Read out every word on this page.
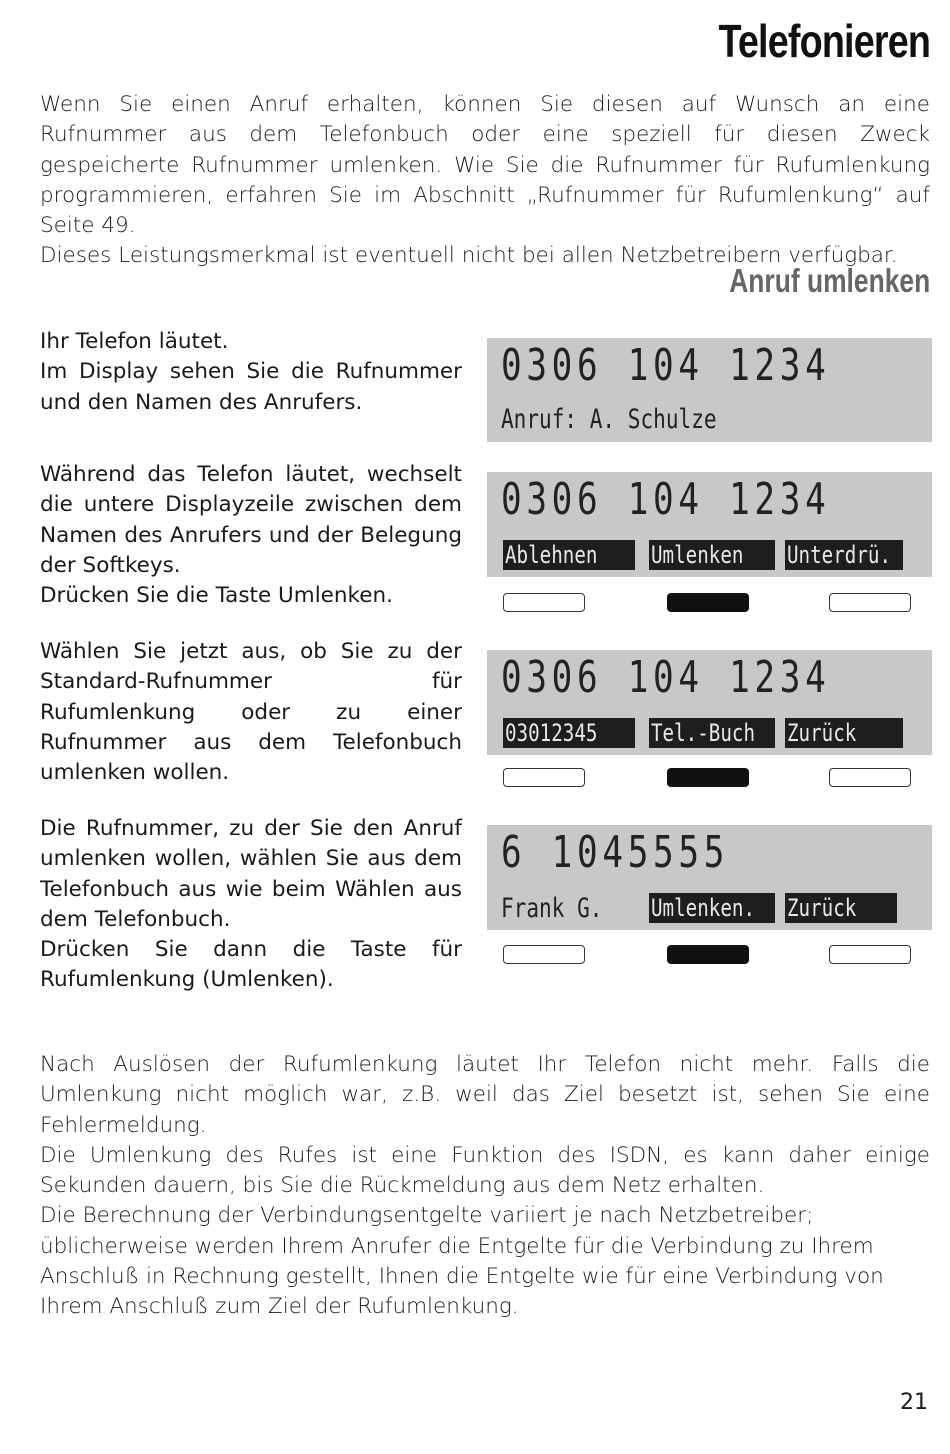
Telefonieren

Wenn Sie einen Anruf erhalten, können Sie diesen auf Wunsch an eine Rufnummer aus dem Telefonbuch oder eine speziell für diesen Zweck gespeicherte Rufnummer umlenken. Wie Sie die Rufnummer für Rufumlenkung programmieren, erfahren Sie im Abschnitt „Rufnummer für Rufumlenkung“ auf Seite 49.

Dieses Leistungsmerkmal ist eventuell nicht bei allen Netzbetreibern verfügbar.

Anruf umlenken

Ihr Telefon läutet.

Im Display sehen Sie die Rufnummer und den Namen des Anrufers.

0306 104 1234
Anruf: A. Schulze

Während das Telefon läutet, wechselt die untere Displayzeile zwischen dem Namen des Anrufers und der Belegung der Softkeys.

Drücken Sie die Taste Umlenken.

0306 104 1234
Ablehnen	Umlenken	Unterdrü.

Wählen Sie jetzt aus, ob Sie zu der Standard-Rufnummer für Rufumlenkung oder zu einer Rufnummer aus dem Telefonbuch umlenken wollen.

0306 104 1234
03012345	Tel.-Buch	Zurück

Die Rufnummer, zu der Sie den Anruf umlenken wollen, wählen Sie aus dem Telefonbuch aus wie beim Wählen aus dem Telefonbuch.

Drücken Sie dann die Taste für Rufumlenkung (Umlenken).

6 1045555
Frank G. Umlenken.	Zurück

Nach Auslösen der Rufumlenkung läutet Ihr Telefon nicht mehr. Falls die Umlenkung nicht möglich war, z.B. weil das Ziel besetzt ist, sehen Sie eine Fehlermeldung.

Die Umlenkung des Rufes ist eine Funktion des ISDN, es kann daher einige Sekunden dauern, bis Sie die Rückmeldung aus dem Netz erhalten.

Die Berechnung der Verbindungsentgelte variiert je nach Netzbetreiber; üblicherweise werden Ihrem Anrufer die Entgelte für die Verbindung zu Ihrem Anschluß in Rechnung gestellt, Ihnen die Entgelte wie für eine Verbindung von Ihrem Anschluß zum Ziel der Rufumlenkung.

21
